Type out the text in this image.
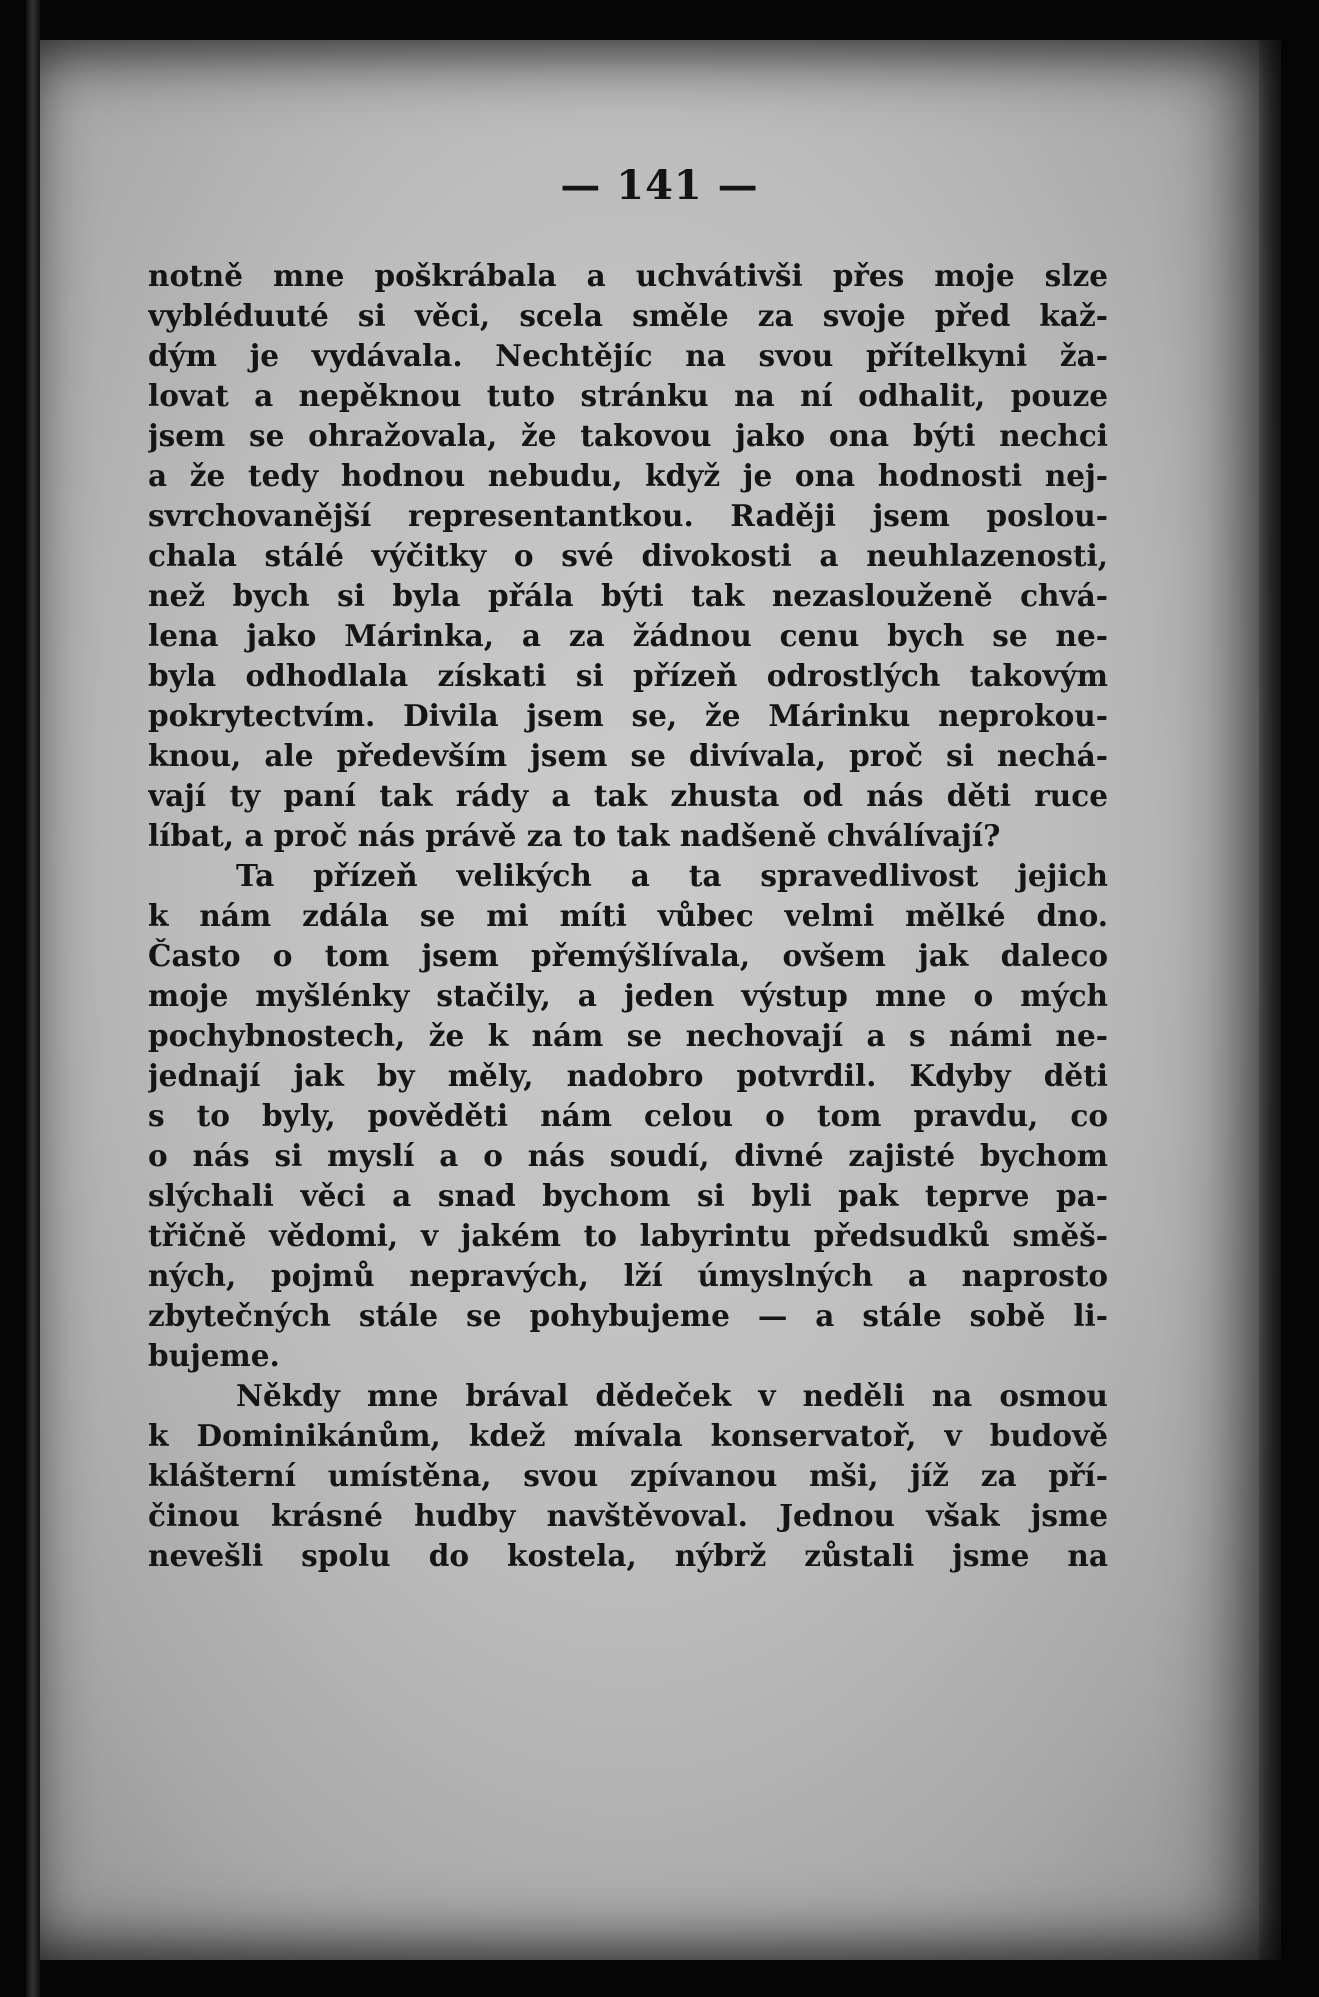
— 141 —
notně mne poškrábala a uchvátivši přes moje slze
vybléduuté si věci, scela směle za svoje před kaž-
dým je vydávala. Nechtějíc na svou přítelkyni ža-
lovat a nepěknou tuto stránku na ní odhalit, pouze
jsem se ohražovala, že takovou jako ona býti nechci
a že tedy hodnou nebudu, když je ona hodnosti nej-
svrchovanější representantkou. Raději jsem poslou-
chala stálé výčitky o své divokosti a neuhlazenosti,
než bych si byla přála býti tak nezaslouženě chvá-
lena jako Márinka, a za žádnou cenu bych se ne-
byla odhodlala získati si přízeň odrostlých takovým
pokrytectvím. Divila jsem se, že Márinku neprokou-
knou, ale především jsem se divívala, proč si nechá-
vají ty paní tak rády a tak zhusta od nás děti ruce
líbat, a proč nás právě za to tak nadšeně chválívají?
Ta přízeň velikých a ta spravedlivost jejich
k nám zdála se mi míti vůbec velmi mělké dno.
Často o tom jsem přemýšlívala, ovšem jak daleco
moje myšlénky stačily, a jeden výstup mne o mých
pochybnostech, že k nám se nechovají a s námi ne-
jednají jak by měly, nadobro potvrdil. Kdyby děti
s to byly, pověděti nám celou o tom pravdu, co
o nás si myslí a o nás soudí, divné zajisté bychom
slýchali věci a snad bychom si byli pak teprve pa-
třičně vědomi, v jakém to labyrintu předsudků směš-
ných, pojmů nepravých, lží úmyslných a naprosto
zbytečných stále se pohybujeme — a stále sobě li-
bujeme.
Někdy mne brával dědeček v neděli na osmou
k Dominikánům, kdež mívala konservatoř, v budově
klášterní umístěna, svou zpívanou mši, jíž za pří-
činou krásné hudby navštěvoval. Jednou však jsme
nevešli spolu do kostela, nýbrž zůstali jsme na
